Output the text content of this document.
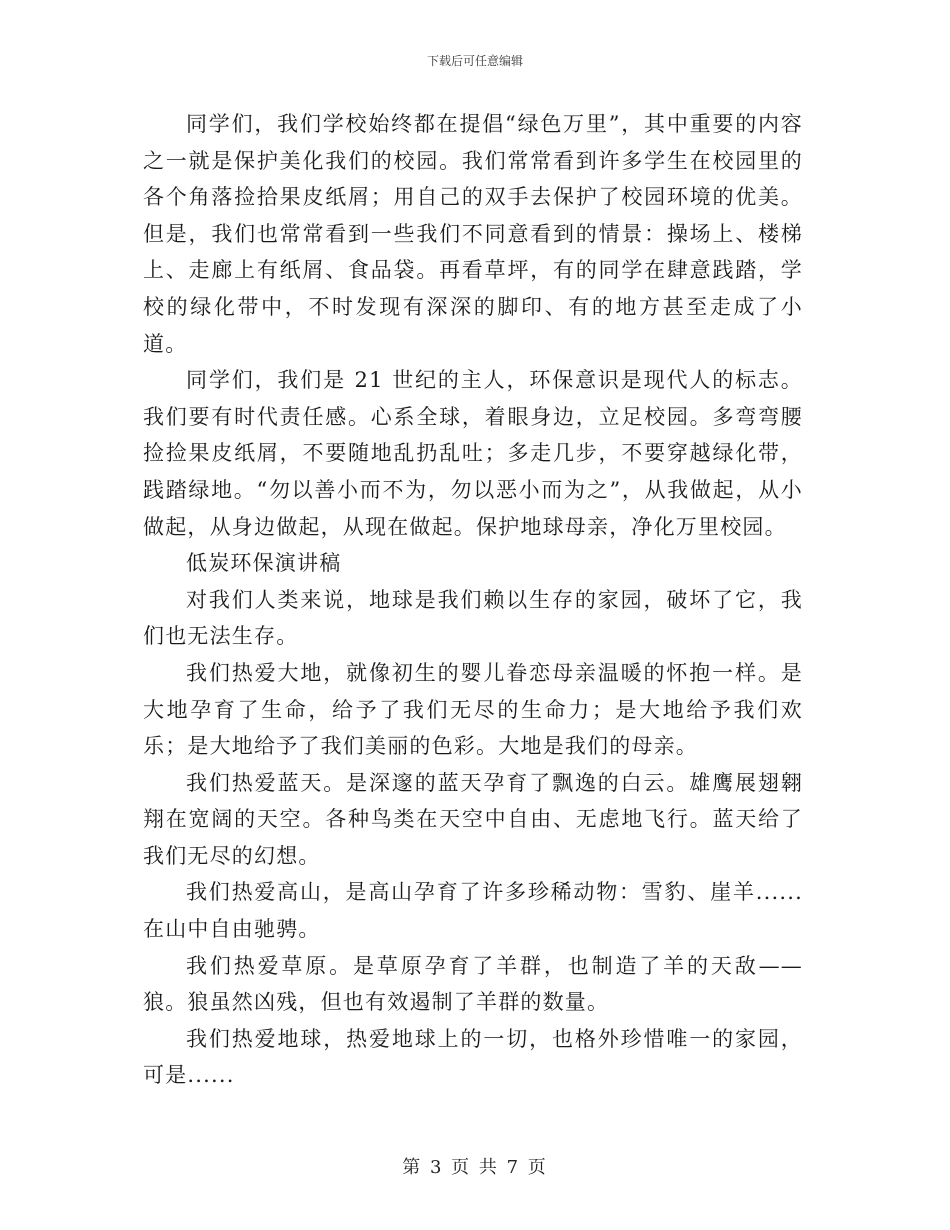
下载后可任意编辑

同学们，我们学校始终都在提倡“绿色万里”，其中重要的内容之一就是保护美化我们的校园。我们常常看到许多学生在校园里的各个角落捡拾果皮纸屑；用自己的双手去保护了校园环境的优美。但是，我们也常常看到一些我们不同意看到的情景：操场上、楼梯上、走廊上有纸屑、食品袋。再看草坪，有的同学在肆意践踏，学校的绿化带中，不时发现有深深的脚印、有的地方甚至走成了小道。

同学们，我们是 21 世纪的主人，环保意识是现代人的标志。我们要有时代责任感。心系全球，着眼身边，立足校园。多弯弯腰捡捡果皮纸屑，不要随地乱扔乱吐；多走几步，不要穿越绿化带，践踏绿地。“勿以善小而不为，勿以恶小而为之”，从我做起，从小做起，从身边做起，从现在做起。保护地球母亲，净化万里校园。

低炭环保演讲稿

对我们人类来说，地球是我们赖以生存的家园，破坏了它，我们也无法生存。

我们热爱大地，就像初生的婴儿眷恋母亲温暖的怀抱一样。是大地孕育了生命，给予了我们无尽的生命力；是大地给予我们欢乐；是大地给予了我们美丽的色彩。大地是我们的母亲。

我们热爱蓝天。是深邃的蓝天孕育了飘逸的白云。雄鹰展翅翱翔在宽阔的天空。各种鸟类在天空中自由、无虑地飞行。蓝天给了我们无尽的幻想。

我们热爱高山，是高山孕育了许多珍稀动物：雪豹、崖羊......在山中自由驰骋。

我们热爱草原。是草原孕育了羊群，也制造了羊的天敌——狼。狼虽然凶残，但也有效遏制了羊群的数量。

我们热爱地球，热爱地球上的一切，也格外珍惜唯一的家园，可是......

第 3 页 共 7 页
